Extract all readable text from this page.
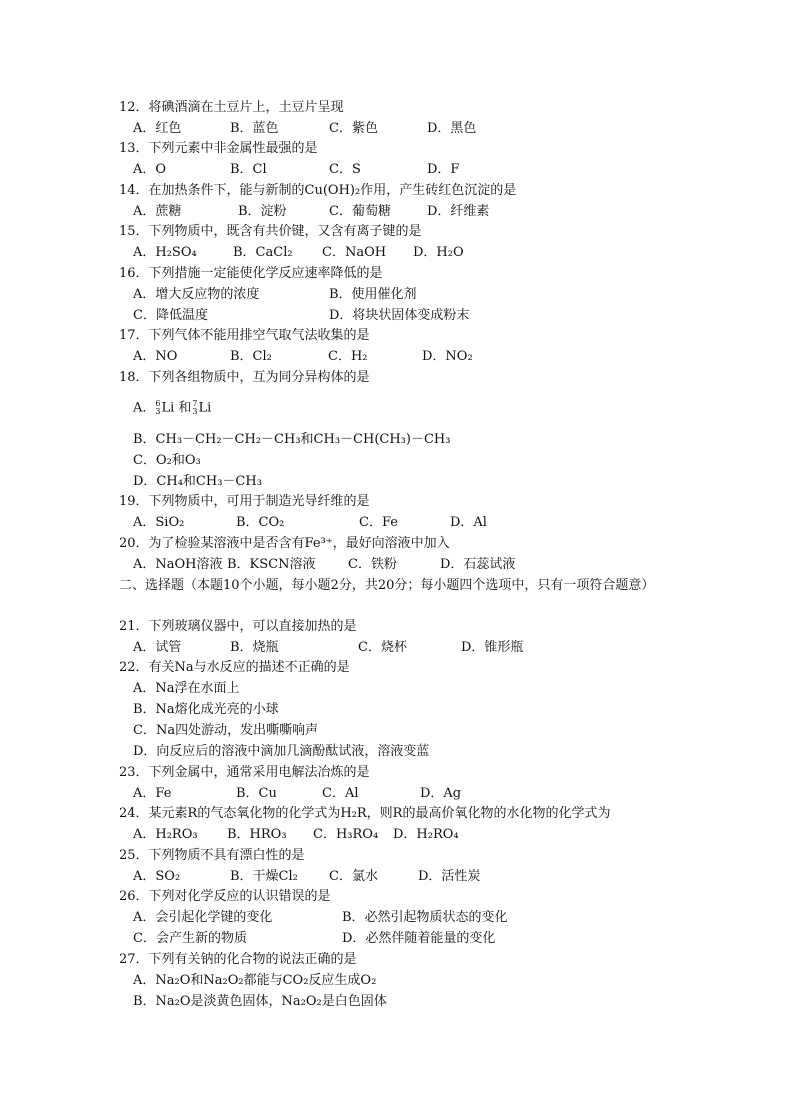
12．将碘酒滴在土豆片上，土豆片呈现
A．红色	B．蓝色	C．紫色	D．黑色
13．下列元素中非金属性最强的是
A．O	B．Cl	C．S	D．F
14．在加热条件下，能与新制的Cu(OH)₂作用，产生砖红色沉淀的是
A．蔗糖	B．淀粉	C．葡萄糖	D．纤维素
15．下列物质中，既含有共价键，又含有离子键的是
A．H₂SO₄	B．CaCl₂ C．NaOH D．H₂O
16．下列措施一定能使化学反应速率降低的是
A．增大反应物的浓度	B．使用催化剂
C．降低温度	D．将块状固体变成粉末
17．下列气体不能用排空气取气法收集的是
A．NO	B．Cl₂	C．H₂	D．NO₂
18．下列各组物质中，互为同分异构体的是
A． 6
3 Li 和 7
3 Li
B．CH₃－CH₂－CH₂－CH₃和CH₃－CH(CH₃)－CH₃
C．O₂和O₃
D．CH₄和CH₃－CH₃
19．下列物质中，可用于制造光导纤维的是
A．SiO₂	B．CO₂	C．Fe	D．Al
20．为了检验某溶液中是否含有Fe³⁺，最好向溶液中加入
A．NaOH溶液 B．KSCN溶液	C．铁粉	D．石蕊试液
二、选择题（本题10个小题，每小题2分，共20分；每小题四个选项中，只有一项符合题意）
21．下列玻璃仪器中，可以直接加热的是
A．试管	B．烧瓶	C．烧杯	D．锥形瓶
22．有关Na与水反应的描述不正确的是
A．Na浮在水面上
B．Na熔化成光亮的小球
C．Na四处游动，发出嘶嘶响声
D．向反应后的溶液中滴加几滴酚酞试液，溶液变蓝
23．下列金属中，通常采用电解法冶炼的是
A．Fe	B．Cu	C．Al	D．Ag
24．某元素R的气态氧化物的化学式为H₂R，则R的最高价氧化物的水化物的化学式为
A．H₂RO₃ B．HRO₃ C．H₃RO₄ D．H₂RO₄
25．下列物质不具有漂白性的是
A．SO₂	B．干燥Cl₂ C．氯水	D．活性炭
26．下列对化学反应的认识错误的是
A．会引起化学键的变化	B．必然引起物质状态的变化
C．会产生新的物质	D．必然伴随着能量的变化
27．下列有关钠的化合物的说法正确的是
A．Na₂O和Na₂O₂都能与CO₂反应生成O₂
B．Na₂O是淡黄色固体，Na₂O₂是白色固体
